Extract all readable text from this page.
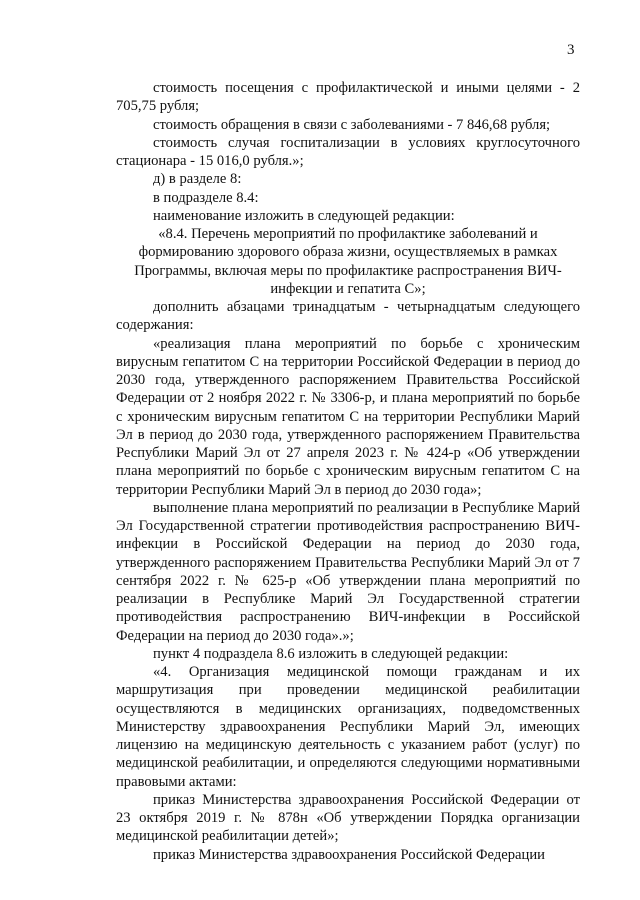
3

стоимость посещения с профилактической и иными целями - 2 705,75 рубля;

стоимость обращения в связи с заболеваниями - 7 846,68 рубля;

стоимость случая госпитализации в условиях круглосуточного стационара - 15 016,0 рубля.»;

д) в разделе 8:

в подразделе 8.4:

наименование изложить в следующей редакции:

«8.4. Перечень мероприятий по профилактике заболеваний и формированию здорового образа жизни, осуществляемых в рамках Программы, включая меры по профилактике распространения ВИЧ-инфекции и гепатита С»;

дополнить абзацами тринадцатым - четырнадцатым следующего содержания:

«реализация плана мероприятий по борьбе с хроническим вирусным гепатитом С на территории Российской Федерации в период до 2030 года, утвержденного распоряжением Правительства Российской Федерации от 2 ноября 2022 г. № 3306-р, и плана мероприятий по борьбе с хроническим вирусным гепатитом С на территории Республики Марий Эл в период до 2030 года, утвержденного распоряжением Правительства Республики Марий Эл от 27 апреля 2023 г. № 424-р «Об утверждении плана мероприятий по борьбе с хроническим вирусным гепатитом С на территории Республики Марий Эл в период до 2030 года»;

выполнение плана мероприятий по реализации в Республике Марий Эл Государственной стратегии противодействия распространению ВИЧ-инфекции в Российской Федерации на период до 2030 года, утвержденного распоряжением Правительства Республики Марий Эл от 7 сентября 2022 г. № 625-р «Об утверждении плана мероприятий по реализации в Республике Марий Эл Государственной стратегии противодействия распространению ВИЧ-инфекции в Российской Федерации на период до 2030 года».»;

пункт 4 подраздела 8.6 изложить в следующей редакции:

«4. Организация медицинской помощи гражданам и их маршрутизация при проведении медицинской реабилитации осуществляются в медицинских организациях, подведомственных Министерству здравоохранения Республики Марий Эл, имеющих лицензию на медицинскую деятельность с указанием работ (услуг) по медицинской реабилитации, и определяются следующими нормативными правовыми актами:

приказ Министерства здравоохранения Российской Федерации от 23 октября 2019 г. № 878н «Об утверждении Порядка организации медицинской реабилитации детей»;

приказ Министерства здравоохранения Российской Федерации
